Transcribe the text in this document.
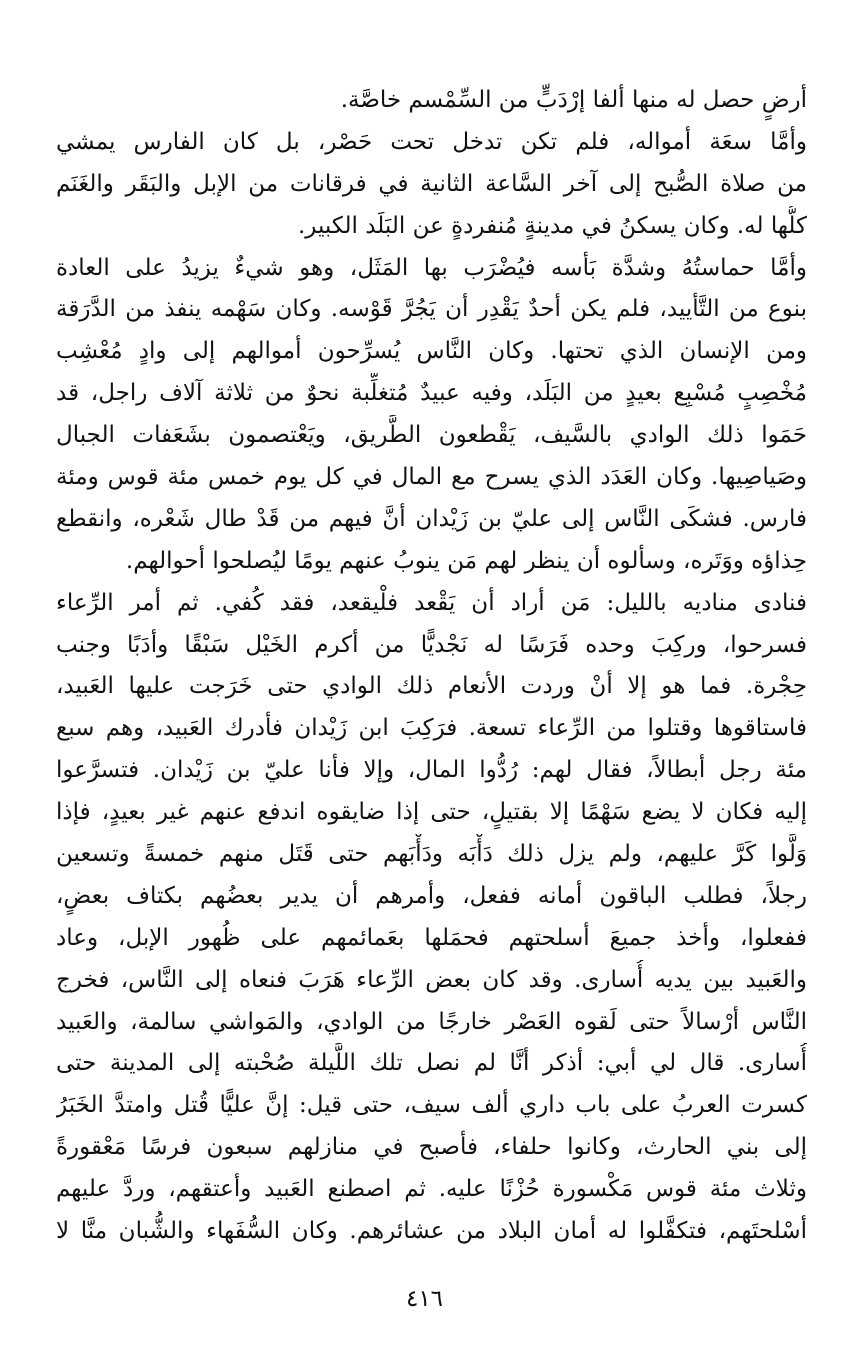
أرضٍ حصل له منها ألفا إرْدَبٍّ من السِّمْسم خاصَّة.
وأمَّا سعَة أمواله، فلم تكن تدخل تحت حَصْر، بل كان الفارس يمشي
من صلاة الصُّبح إلى آخر السَّاعة الثانية في فرقانات من الإبل والبَقَر والغَنَم
كلُّها له. وكان يسكنُ في مدينةٍ مُنفردةٍ عن البَلَد الكبير.
وأمَّا حماستُهُ وشدَّة بَأسه فيُضْرَب بها المَثَل، وهو شيءٌ يزيدُ على العادة
بنوع من التَّأييد، فلم يكن أحدٌ يَقْدِر أن يَجُرَّ قَوْسه. وكان سَهْمه ينفذ من الدَّرَقة
ومن الإنسان الذي تحتها. وكان النَّاس يُسرِّحون أموالهم إلى وادٍ مُعْشِب
مُخْصِبٍ مُسْبِع بعيدٍ من البَلَد، وفيه عبيدٌ مُتغلِّبة نحوٌ من ثلاثة آلاف راجل، قد
حَمَوا ذلك الوادي بالسَّيف، يَقْطعون الطَّريق، ويَعْتصمون بشَعَفات الجبال
وصَياصِيها. وكان العَدَد الذي يسرح مع المال في كل يوم خمس مئة قوس ومئة
فارس. فشكَى النَّاس إلى عليّ بن زَيْدان أنَّ فيهم من قَدْ طال شَعْره، وانقطع
حِذاؤه ووَتَره، وسألوه أن ينظر لهم مَن ينوبُ عنهم يومًا ليُصلحوا أحوالهم.
فنادى مناديه بالليل: مَن أراد أن يَقْعد فلْيقعد، فقد كُفي. ثم أمر الرِّعاء
فسرحوا، وركِبَ وحده فَرَسًا له نَجْديًّا من أكرم الخَيْل سَبْقًا وأدَبًا وجنب
حِجْرة. فما هو إلا أنْ وردت الأنعام ذلك الوادي حتى خَرَجت عليها العَبيد،
فاستاقوها وقتلوا من الرِّعاء تسعة. فرَكِبَ ابن زَيْدان فأدرك العَبيد، وهم سبع
مئة رجل أبطالاً، فقال لهم: رُدُّوا المال، وإلا فأنا عليّ بن زَيْدان. فتسرَّعوا
إليه فكان لا يضع سَهْمًا إلا بقتيلٍ، حتى إذا ضايقوه اندفع عنهم غير بعيدٍ، فإذا
وَلَّوا كَرَّ عليهم، ولم يزل ذلك دَأْبَه ودَأْبَهم حتى قَتَل منهم خمسةً وتسعين
رجلاً، فطلب الباقون أمانه ففعل، وأمرهم أن يدير بعضُهم بكتاف بعضٍ،
ففعلوا، وأخذ جميعَ أسلحتهم فحمَلها بعَمائمهم على ظُهور الإبل، وعاد
والعَبيد بين يديه أُسارى. وقد كان بعض الرِّعاء هَرَبَ فنعاه إلى النَّاس، فخرج
النَّاس أرْسالاً حتى لَقوه العَصْر خارجًا من الوادي، والمَواشي سالمة، والعَبيد
أُسارى. قال لي أبي: أذكر أنَّا لم نصل تلك اللَّيلة صُحْبته إلى المدينة حتى
كسرت العربُ على باب داري ألف سيف، حتى قيل: إنَّ عليًّا قُتل وامتدَّ الخَبَرُ
إلى بني الحارث، وكانوا حلفاء، فأصبح في منازلهم سبعون فرسًا مَعْقورةً
وثلاث مئة قوس مَكْسورة حُزْنًا عليه. ثم اصطنع العَبيد وأعتقهم، وردَّ عليهم
أسْلحتَهم، فتكفَّلوا له أمان البلاد من عشائرهم. وكان السُّفَهاء والشُّبان منَّا لا
٤١٦
